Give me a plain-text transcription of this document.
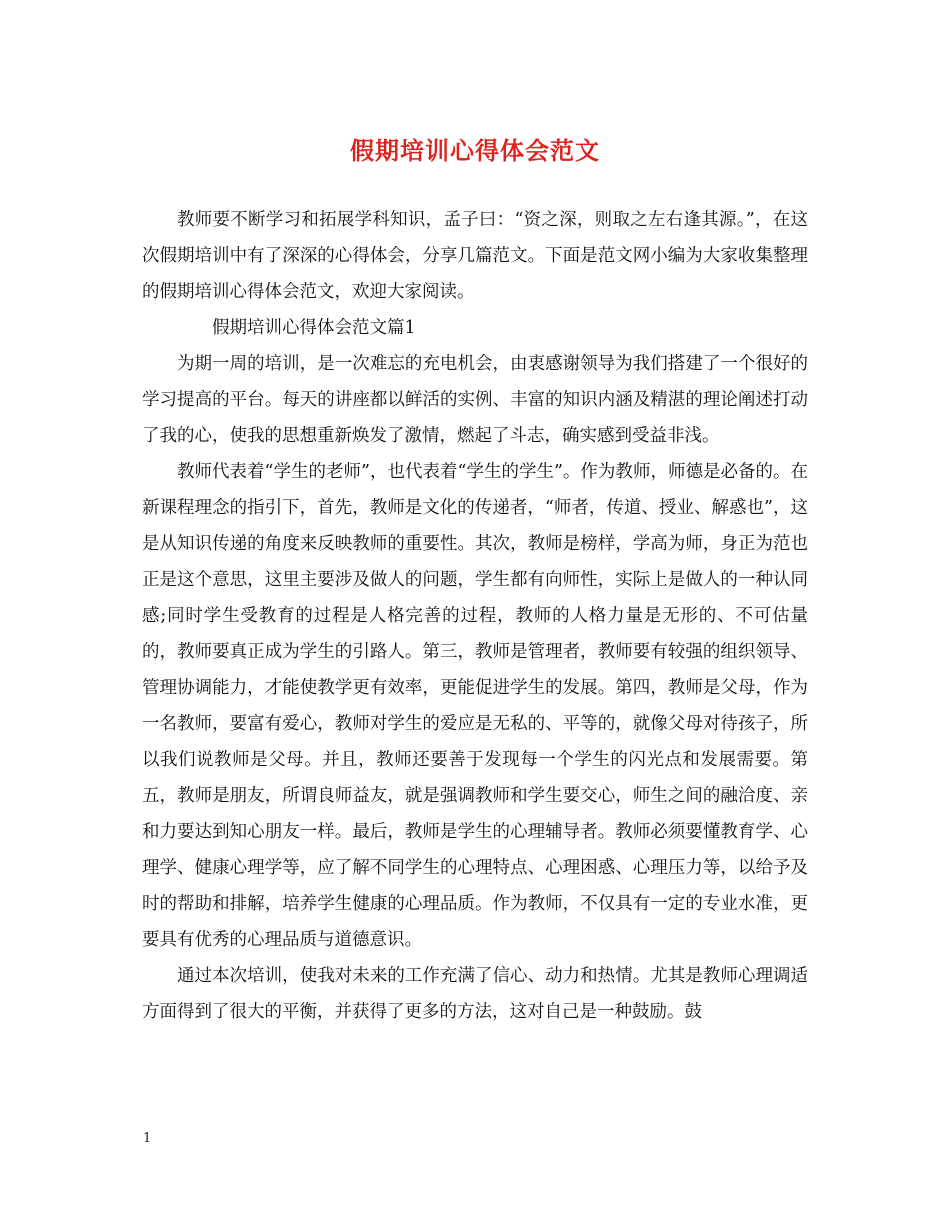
假期培训心得体会范文

教师要不断学习和拓展学科知识，孟子曰：“资之深，则取之左右逢其源。”，在这次假期培训中有了深深的心得体会，分享几篇范文。下面是范文网小编为大家收集整理的假期培训心得体会范文，欢迎大家阅读。

假期培训心得体会范文篇1

为期一周的培训，是一次难忘的充电机会，由衷感谢领导为我们搭建了一个很好的学习提高的平台。每天的讲座都以鲜活的实例、丰富的知识内涵及精湛的理论阐述打动了我的心，使我的思想重新焕发了激情，燃起了斗志，确实感到受益非浅。

教师代表着“学生的老师”，也代表着“学生的学生”。作为教师，师德是必备的。在新课程理念的指引下，首先，教师是文化的传递者，“师者，传道、授业、解惑也”，这是从知识传递的角度来反映教师的重要性。其次，教师是榜样，学高为师，身正为范也正是这个意思，这里主要涉及做人的问题，学生都有向师性，实际上是做人的一种认同感;同时学生受教育的过程是人格完善的过程，教师的人格力量是无形的、不可估量的，教师要真正成为学生的引路人。第三，教师是管理者，教师要有较强的组织领导、管理协调能力，才能使教学更有效率，更能促进学生的发展。第四，教师是父母，作为一名教师，要富有爱心，教师对学生的爱应是无私的、平等的，就像父母对待孩子，所以我们说教师是父母。并且，教师还要善于发现每一个学生的闪光点和发展需要。第五，教师是朋友，所谓良师益友，就是强调教师和学生要交心，师生之间的融洽度、亲和力要达到知心朋友一样。最后，教师是学生的心理辅导者。教师必须要懂教育学、心理学、健康心理学等，应了解不同学生的心理特点、心理困惑、心理压力等，以给予及时的帮助和排解，培养学生健康的心理品质。作为教师，不仅具有一定的专业水准，更要具有优秀的心理品质与道德意识。

通过本次培训，使我对未来的工作充满了信心、动力和热情。尤其是教师心理调适方面得到了很大的平衡，并获得了更多的方法，这对自己是一种鼓励。鼓

1
